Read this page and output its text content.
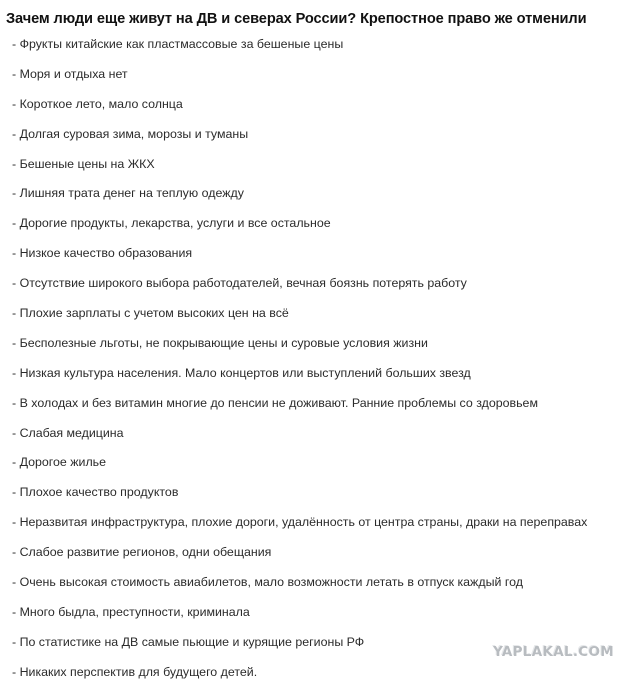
Зачем люди еще живут на ДВ и северах России? Крепостное право же отменили
- Фрукты китайские как пластмассовые за бешеные цены
- Моря и отдыха нет
- Короткое лето, мало солнца
- Долгая суровая зима, морозы и туманы
- Бешеные цены на ЖКХ
- Лишняя трата денег на теплую одежду
- Дорогие продукты, лекарства, услуги и все остальное
- Низкое качество образования
- Отсутствие широкого выбора работодателей, вечная боязнь потерять работу
- Плохие зарплаты с учетом высоких цен на всё
- Бесполезные льготы, не покрывающие цены и суровые условия жизни
- Низкая культура населения. Мало концертов или выступлений больших звезд
- В холодах и без витамин многие до пенсии не доживают. Ранние проблемы со здоровьем
- Слабая медицина
- Дорогое жилье
- Плохое качество продуктов
- Неразвитая инфраструктура, плохие дороги, удалённость от центра страны, драки на переправах
- Слабое развитие регионов, одни обещания
- Очень высокая стоимость авиабилетов, мало возможности летать в отпуск каждый год
- Много быдла, преступности, криминала
- По статистике на ДВ самые пьющие и курящие регионы РФ
- Никаких перспектив для будущего детей.
YAPLAKAL.COM
